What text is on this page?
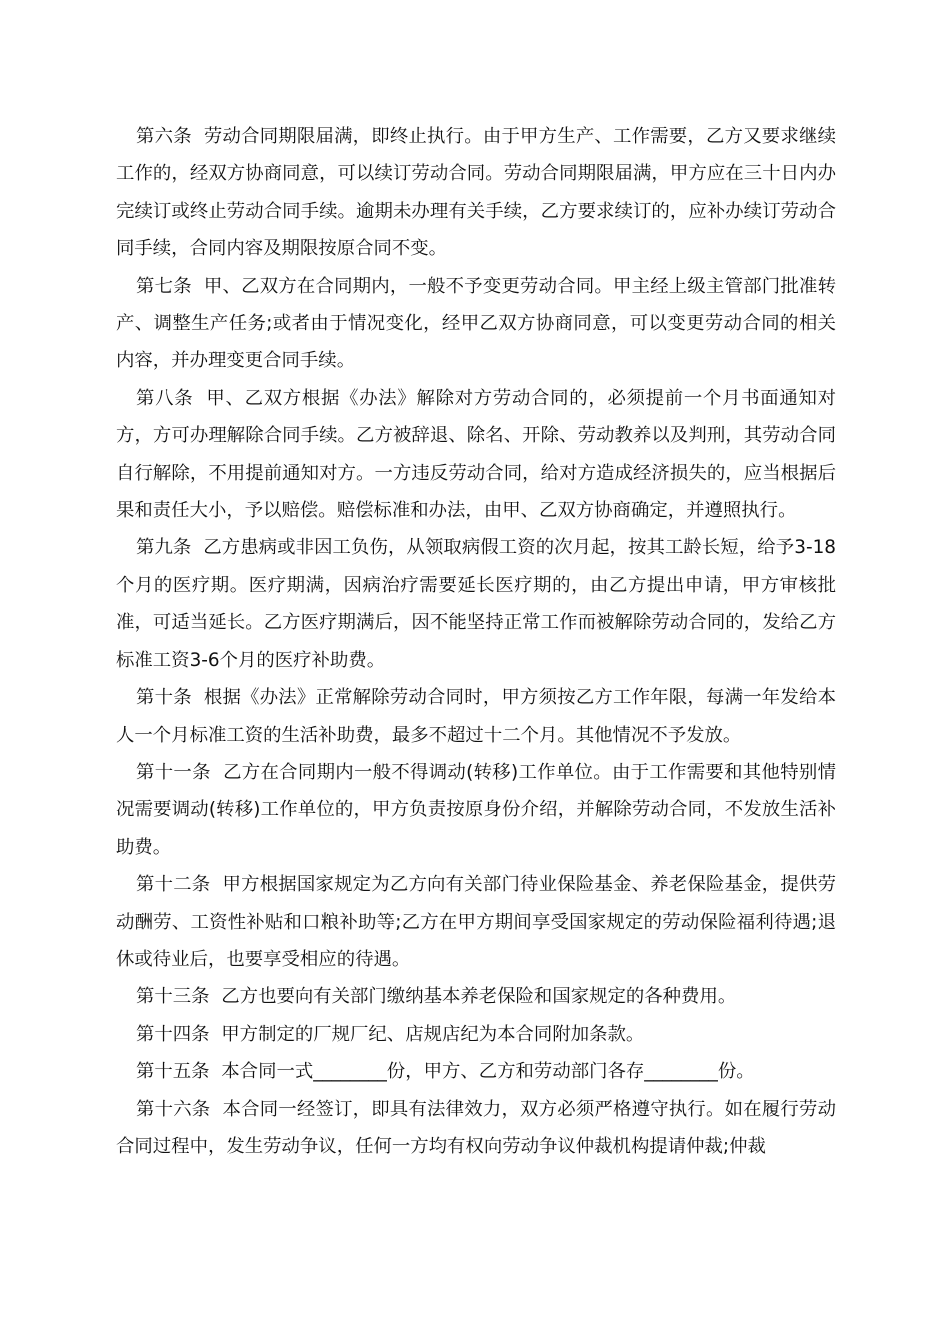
第六条 劳动合同期限届满，即终止执行。由于甲方生产、工作需要，乙方又要求继续工作的，经双方协商同意，可以续订劳动合同。劳动合同期限届满，甲方应在三十日内办完续订或终止劳动合同手续。逾期未办理有关手续，乙方要求续订的，应补办续订劳动合同手续，合同内容及期限按原合同不变。

第七条 甲、乙双方在合同期内，一般不予变更劳动合同。甲主经上级主管部门批准转产、调整生产任务;或者由于情况变化，经甲乙双方协商同意，可以变更劳动合同的相关内容，并办理变更合同手续。

第八条 甲、乙双方根据《办法》解除对方劳动合同的，必须提前一个月书面通知对方，方可办理解除合同手续。乙方被辞退、除名、开除、劳动教养以及判刑，其劳动合同自行解除，不用提前通知对方。一方违反劳动合同，给对方造成经济损失的，应当根据后果和责任大小，予以赔偿。赔偿标准和办法，由甲、乙双方协商确定，并遵照执行。

第九条 乙方患病或非因工负伤，从领取病假工资的次月起，按其工龄长短，给予3-18个月的医疗期。医疗期满，因病治疗需要延长医疗期的，由乙方提出申请，甲方审核批准，可适当延长。乙方医疗期满后，因不能坚持正常工作而被解除劳动合同的，发给乙方标准工资3-6个月的医疗补助费。

第十条 根据《办法》正常解除劳动合同时，甲方须按乙方工作年限，每满一年发给本人一个月标准工资的生活补助费，最多不超过十二个月。其他情况不予发放。

第十一条 乙方在合同期内一般不得调动(转移)工作单位。由于工作需要和其他特别情况需要调动(转移)工作单位的，甲方负责按原身份介绍，并解除劳动合同，不发放生活补助费。

第十二条 甲方根据国家规定为乙方向有关部门待业保险基金、养老保险基金，提供劳动酬劳、工资性补贴和口粮补助等;乙方在甲方期间享受国家规定的劳动保险福利待遇;退休或待业后，也要享受相应的待遇。

第十三条 乙方也要向有关部门缴纳基本养老保险和国家规定的各种费用。

第十四条 甲方制定的厂规厂纪、店规店纪为本合同附加条款。

第十五条 本合同一式________份，甲方、乙方和劳动部门各存________份。

第十六条 本合同一经签订，即具有法律效力，双方必须严格遵守执行。如在履行劳动合同过程中，发生劳动争议，任何一方均有权向劳动争议仲裁机构提请仲裁;仲裁
